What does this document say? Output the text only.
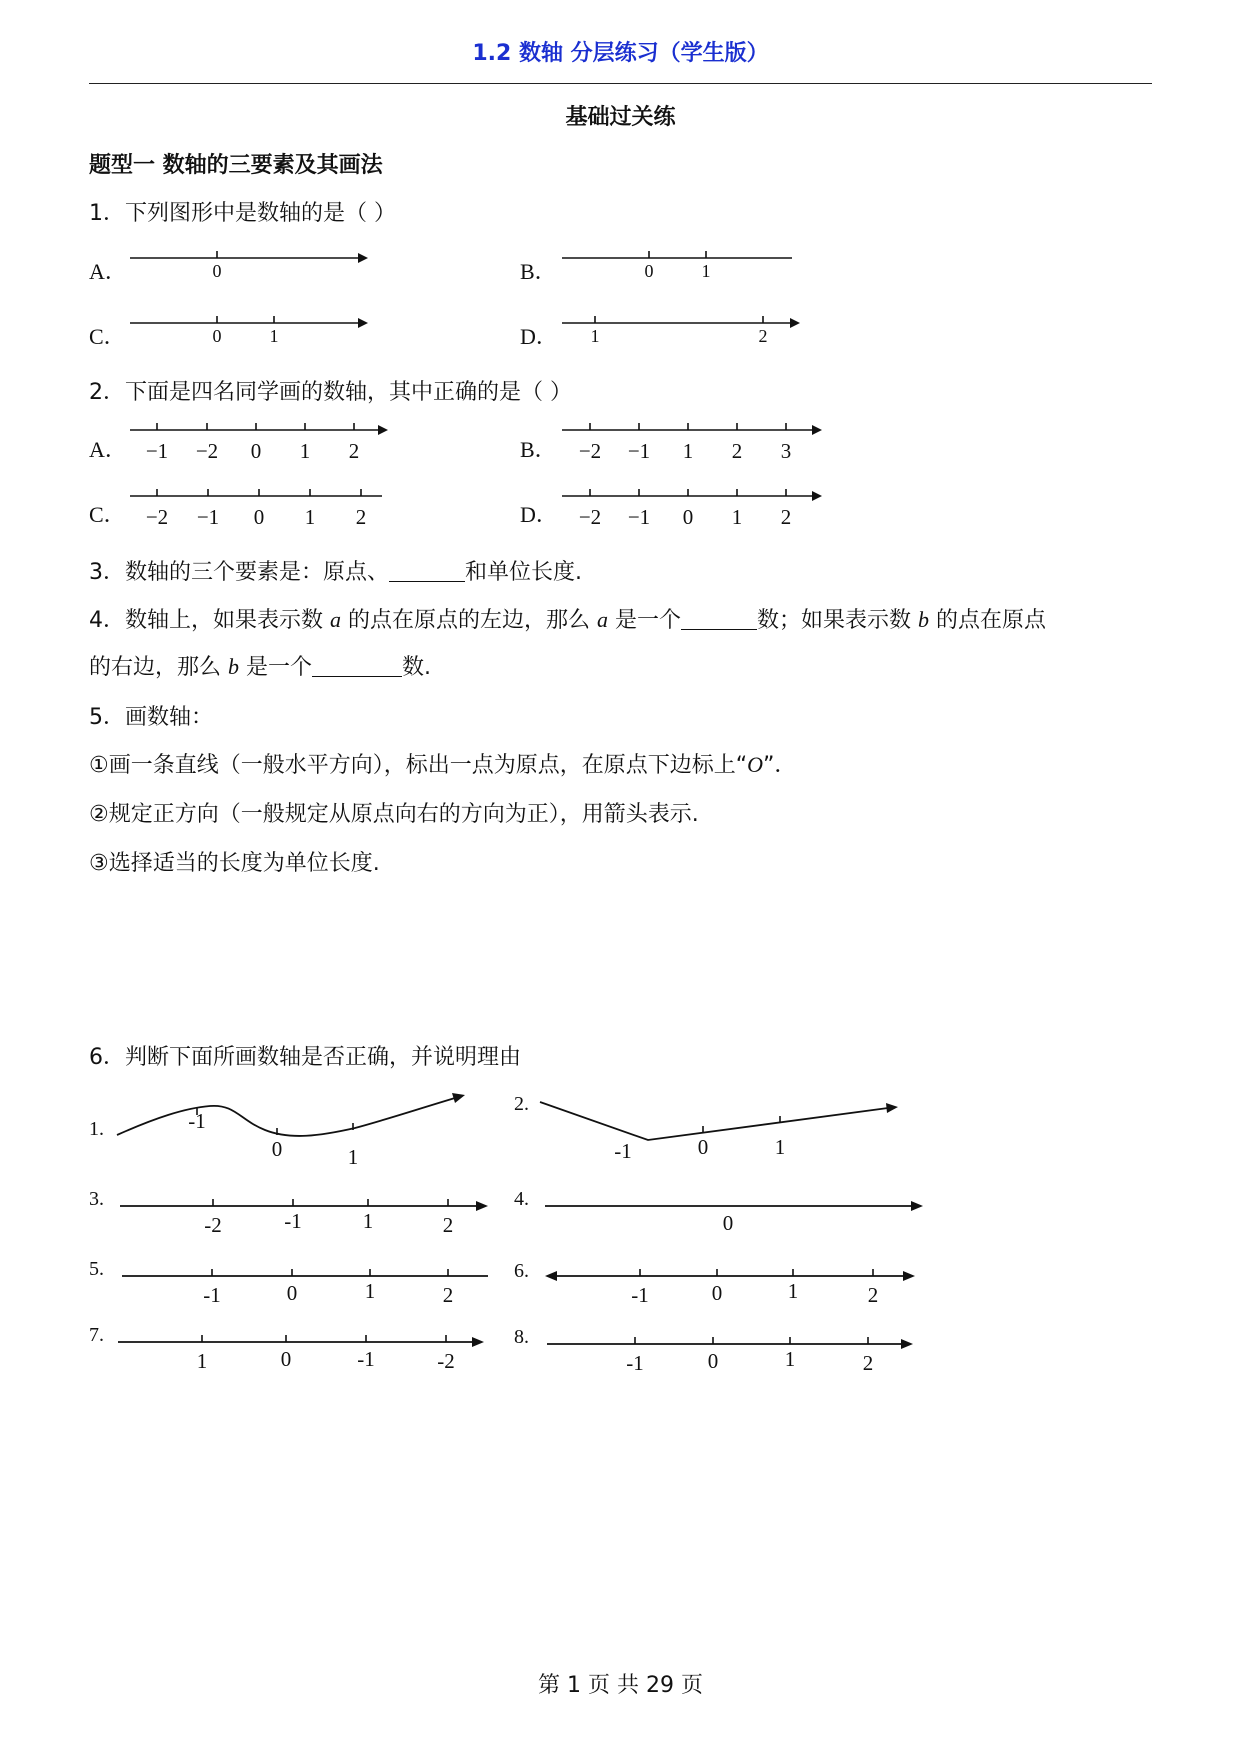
1.2 数轴 分层练习（学生版）
基础过关练
题型一 数轴的三要素及其画法
1．下列图形中是数轴的是（ ）
A．	0	B．	0	1
C．	0	1	D． 1	2
2．下面是四名同学画的数轴，其中正确的是（ ）
A． −1 −2 0 1 2	B． −2 −1 1 2 3
C． −2 −1 0 1 2	D． −2 −1 0 1 2
3．数轴的三个要素是：原点、	和单位长度.
4．数轴上，如果表示数 a 的点在原点的左边，那么 a 是一个	数；如果表示数 b 的点在原点
的右边，那么 b 是一个	数.
5．画数轴：
①画一条直线（一般水平方向），标出一点为原点，在原点下边标上“O”．
②规定正方向（一般规定从原点向右的方向为正），用箭头表示.
③选择适当的长度为单位长度.
6．判断下面所画数轴是否正确，并说明理由
1.	-1
0	1
2.
-1	0	1
3.
-2	-1	1	2
4.
0
5.
-1	0	1	2
6.
-1	0	1	2
7.
1	0	-1	-2
8.
-1	0	1	2
第 1 页 共 29 页
